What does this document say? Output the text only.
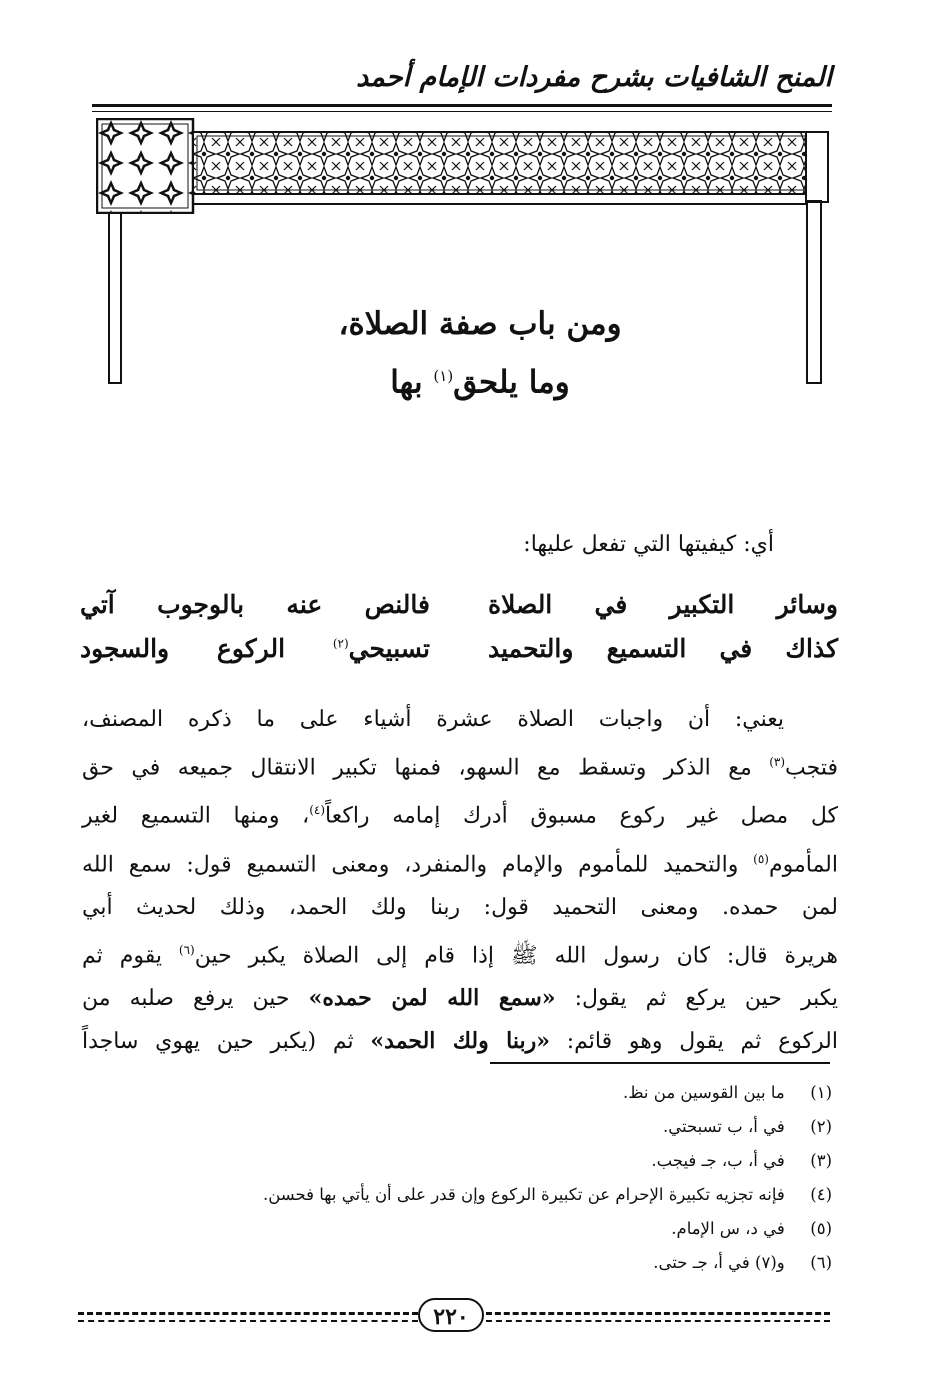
المنح الشافيات بشرح مفردات الإمام أحمد
ومن باب صفة الصلاة،
وما يلحق$^{(١)}$ بها
أي: كيفيتها التي تفعل عليها:
وسائر التكبير في الصلاة
فالنص عنه بالوجوب آتي
كذاك في التسميع والتحميد
تسبيحي$^{(٢)}$ الركوع والسجود
يعني: أن واجبات الصلاة عشرة أشياء على ما ذكره المصنف،
فتجب$^{(٣)}$ مع الذكر وتسقط مع السهو، فمنها تكبير الانتقال جميعه في حق
كل مصل غير ركوع مسبوق أدرك إمامه راكعاً$^{(٤)}$، ومنها التسميع لغير
المأموم$^{(٥)}$ والتحميد للمأموم والإمام والمنفرد، ومعنى التسميع قول: سمع الله
لمن حمده. ومعنى التحميد قول: ربنا ولك الحمد، وذلك لحديث أبي
هريرة قال: كان رسول الله ﷺ إذا قام إلى الصلاة يكبر حين$^{(٦)}$ يقوم ثم
يكبر حين يركع ثم يقول: «سمع الله لمن حمده» حين يرفع صلبه من
الركوع ثم يقول وهو قائم: «ربنا ولك الحمد» ثم (يكبر حين يهوي ساجداً
(١) ما بين القوسين من نظ.
(٢) في أ، ب تسبحتي.
(٣) في أ، ب، جـ فيجب.
(٤) فإنه تجزيه تكبيرة الإحرام عن تكبيرة الركوع وإن قدر على أن يأتي بها فحسن.
(٥) في د، س الإمام.
(٦) و(٧) في أ، جـ حتى.
٢٢٠
